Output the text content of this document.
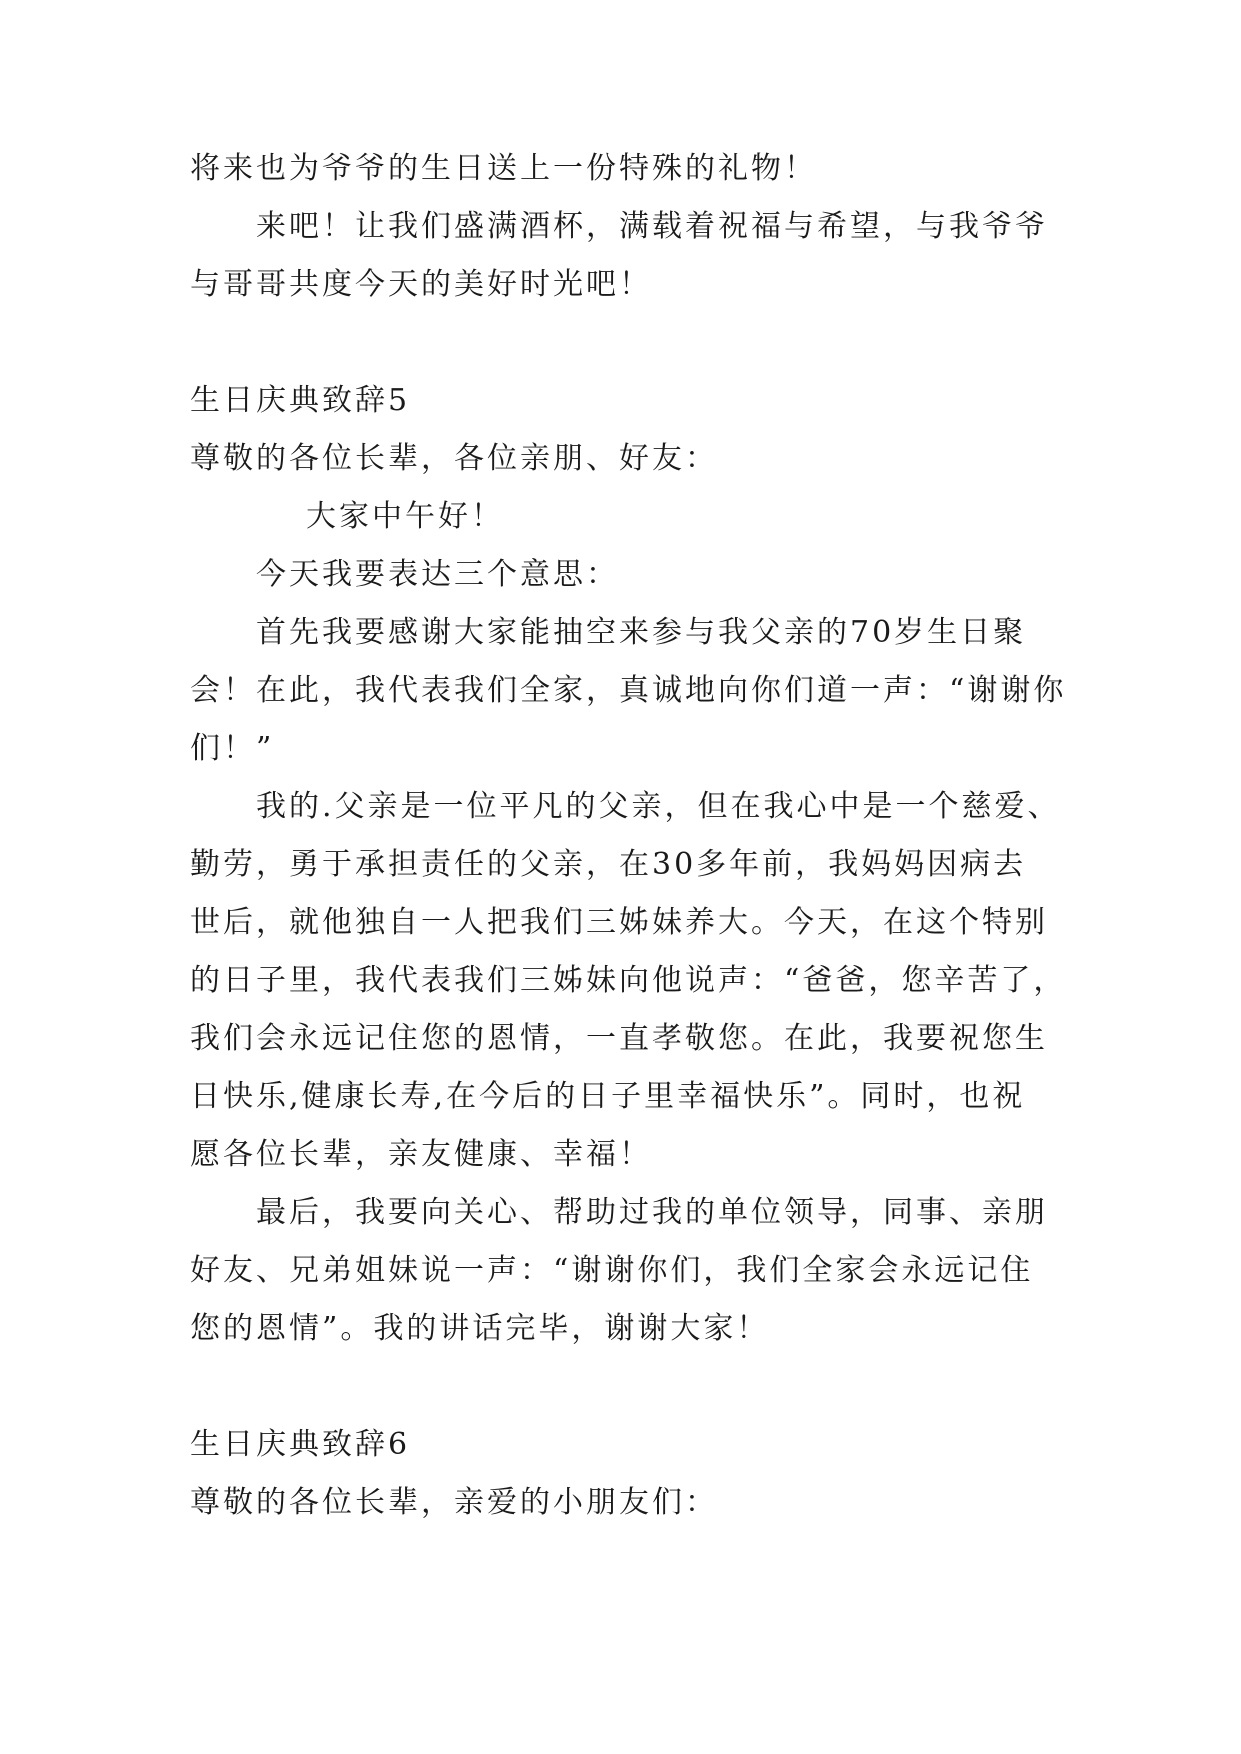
将来也为爷爷的生日送上一份特殊的礼物！
来吧！让我们盛满酒杯，满载着祝福与希望，与我爷爷
与哥哥共度今天的美好时光吧！
生日庆典致辞5
尊敬的各位长辈，各位亲朋、好友：
大家中午好！
今天我要表达三个意思：
首先我要感谢大家能抽空来参与我父亲的70岁生日聚
会！在此，我代表我们全家，真诚地向你们道一声：“谢谢你
们！”
我的.父亲是一位平凡的父亲，但在我心中是一个慈爱、
勤劳，勇于承担责任的父亲，在30多年前，我妈妈因病去
世后，就他独自一人把我们三姊妹养大。今天，在这个特别
的日子里，我代表我们三姊妹向他说声：“爸爸，您辛苦了，
我们会永远记住您的恩情，一直孝敬您。在此，我要祝您生
日快乐,健康长寿,在今后的日子里幸福快乐”。同时，也祝
愿各位长辈，亲友健康、幸福！
最后，我要向关心、帮助过我的单位领导，同事、亲朋
好友、兄弟姐妹说一声：“谢谢你们，我们全家会永远记住
您的恩情”。我的讲话完毕，谢谢大家！
生日庆典致辞6
尊敬的各位长辈，亲爱的小朋友们：
